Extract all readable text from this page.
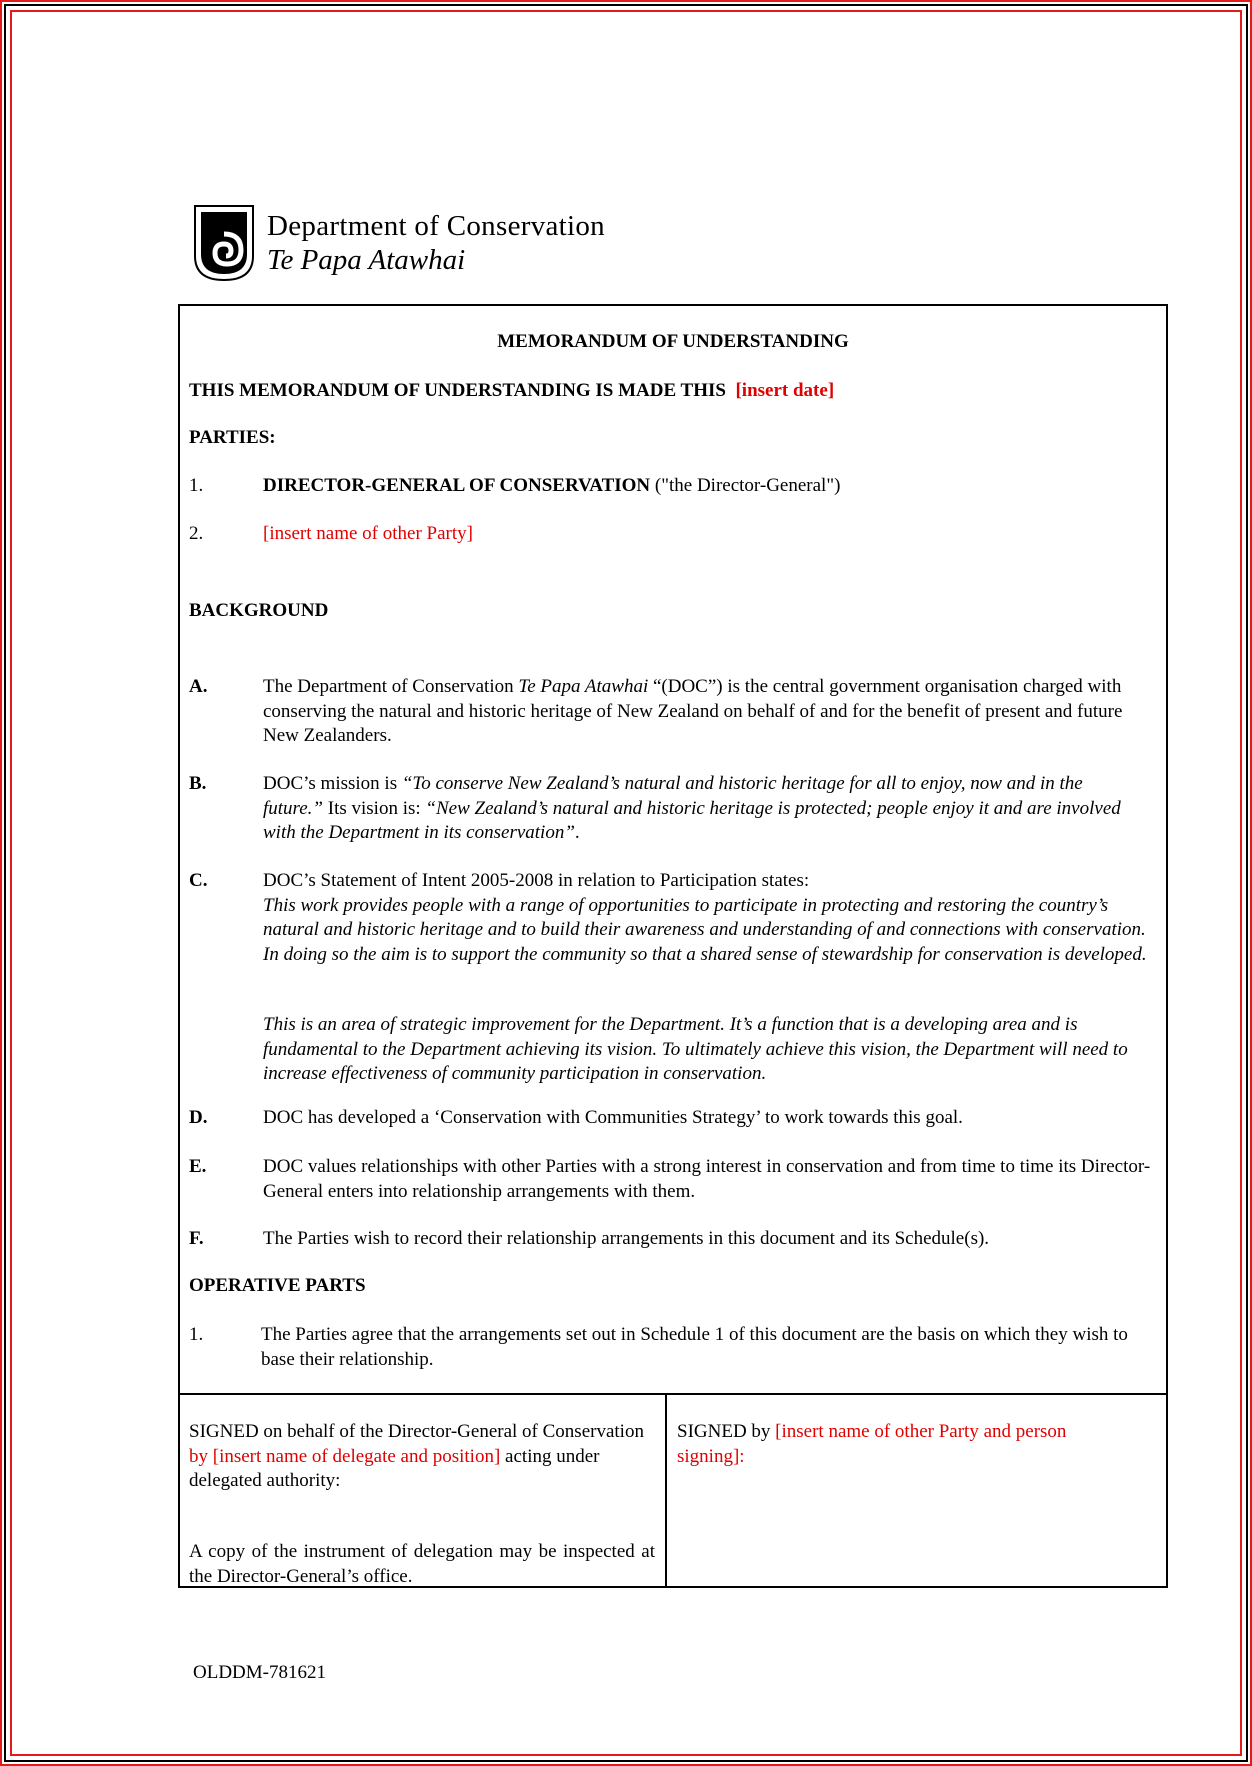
Department of Conservation
Te Papa Atawhai
MEMORANDUM OF UNDERSTANDING
THIS MEMORANDUM OF UNDERSTANDING IS MADE THIS [insert date]
PARTIES:
1.	DIRECTOR-GENERAL OF CONSERVATION ("the Director-General")
2.	[insert name of other Party]
BACKGROUND
A.	The Department of Conservation Te Papa Atawhai “(DOC”) is the central government organisation charged with conserving the natural and historic heritage of New Zealand on behalf of and for the benefit of present and future New Zealanders.
B.	DOC’s mission is “To conserve New Zealand’s natural and historic heritage for all to enjoy, now and in the future.” Its vision is: “New Zealand’s natural and historic heritage is protected; people enjoy it and are involved with the Department in its conservation”.
C.	DOC’s Statement of Intent 2005-2008 in relation to Participation states:
This work provides people with a range of opportunities to participate in protecting and restoring the country’s natural and historic heritage and to build their awareness and understanding of and connections with conservation. In doing so the aim is to support the community so that a shared sense of stewardship for conservation is developed.
This is an area of strategic improvement for the Department. It’s a function that is a developing area and is fundamental to the Department achieving its vision. To ultimately achieve this vision, the Department will need to increase effectiveness of community participation in conservation.
D.	DOC has developed a ‘Conservation with Communities Strategy’ to work towards this goal.
E.	DOC values relationships with other Parties with a strong interest in conservation and from time to time its Director-General enters into relationship arrangements with them.
F.	The Parties wish to record their relationship arrangements in this document and its Schedule(s).
OPERATIVE PARTS
1.	The Parties agree that the arrangements set out in Schedule 1 of this document are the basis on which they wish to base their relationship.
SIGNED on behalf of the Director-General of Conservation by [insert name of delegate and position] acting under delegated authority:
A copy of the instrument of delegation may be inspected at the Director-General’s office.
SIGNED by [insert name of other Party and person signing]:
OLDDM-781621
